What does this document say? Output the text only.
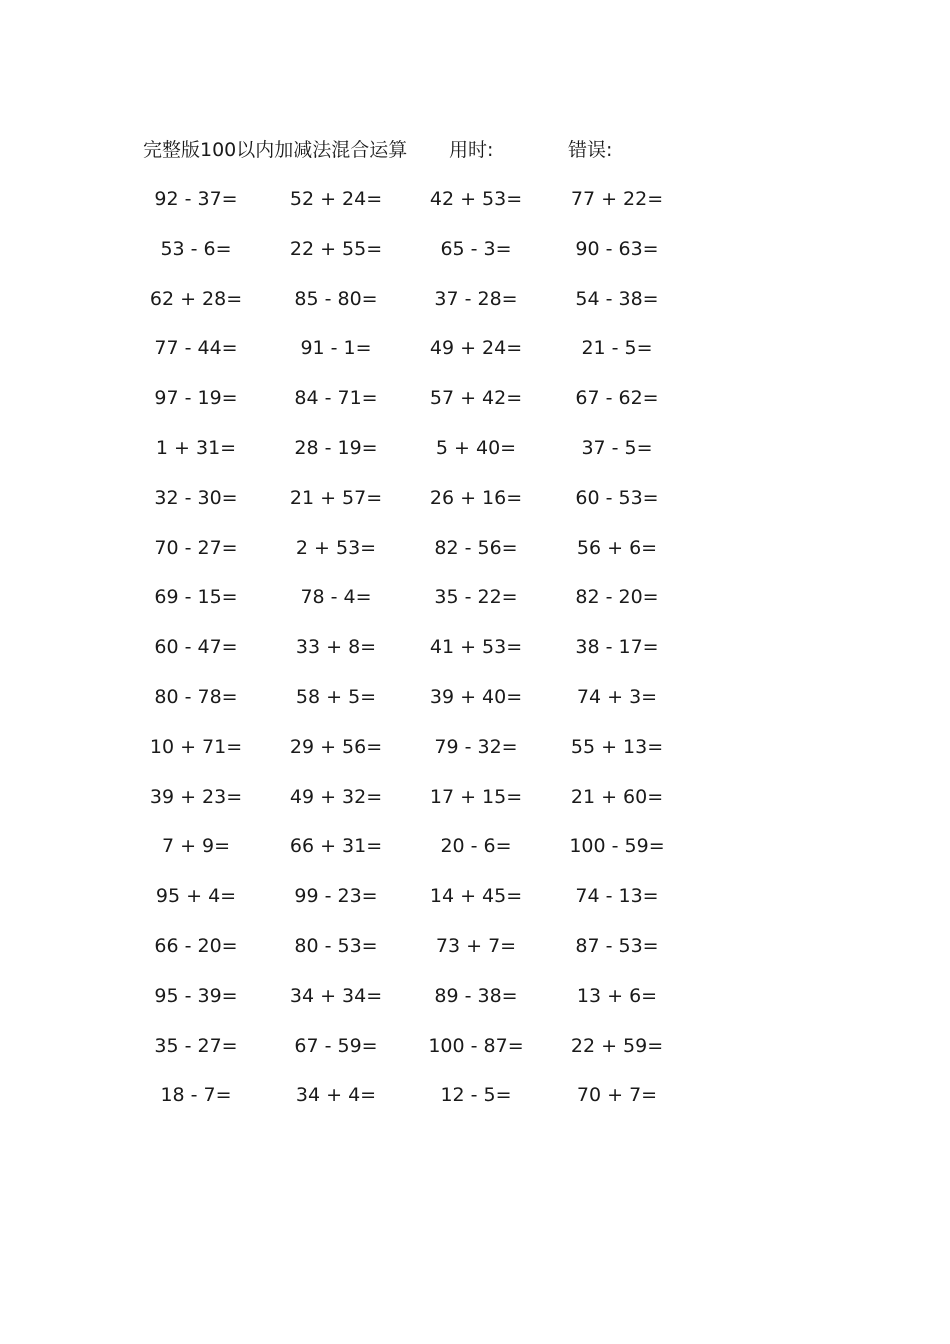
完整版100以内加减法混合运算 用时:	错误:
92 - 37=	52 + 24=	42 + 53=	77 + 22=
53 - 6=	22 + 55=	65 - 3=	90 - 63=
62 + 28=	85 - 80=	37 - 28=	54 - 38=
77 - 44=	91 - 1=	49 + 24=	21 - 5=
97 - 19=	84 - 71=	57 + 42=	67 - 62=
1 + 31=	28 - 19=	5 + 40=	37 - 5=
32 - 30=	21 + 57=	26 + 16=	60 - 53=
70 - 27=	2 + 53=	82 - 56=	56 + 6=
69 - 15=	78 - 4=	35 - 22=	82 - 20=
60 - 47=	33 + 8=	41 + 53=	38 - 17=
80 - 78=	58 + 5=	39 + 40=	74 + 3=
10 + 71=	29 + 56=	79 - 32=	55 + 13=
39 + 23=	49 + 32=	17 + 15=	21 + 60=
7 + 9=	66 + 31=	20 - 6=	100 - 59=
95 + 4=	99 - 23=	14 + 45=	74 - 13=
66 - 20=	80 - 53=	73 + 7=	87 - 53=
95 - 39=	34 + 34=	89 - 38=	13 + 6=
35 - 27=	67 - 59=	100 - 87= 22 + 59=
18 - 7=	34 + 4=	12 - 5=	70 + 7=
